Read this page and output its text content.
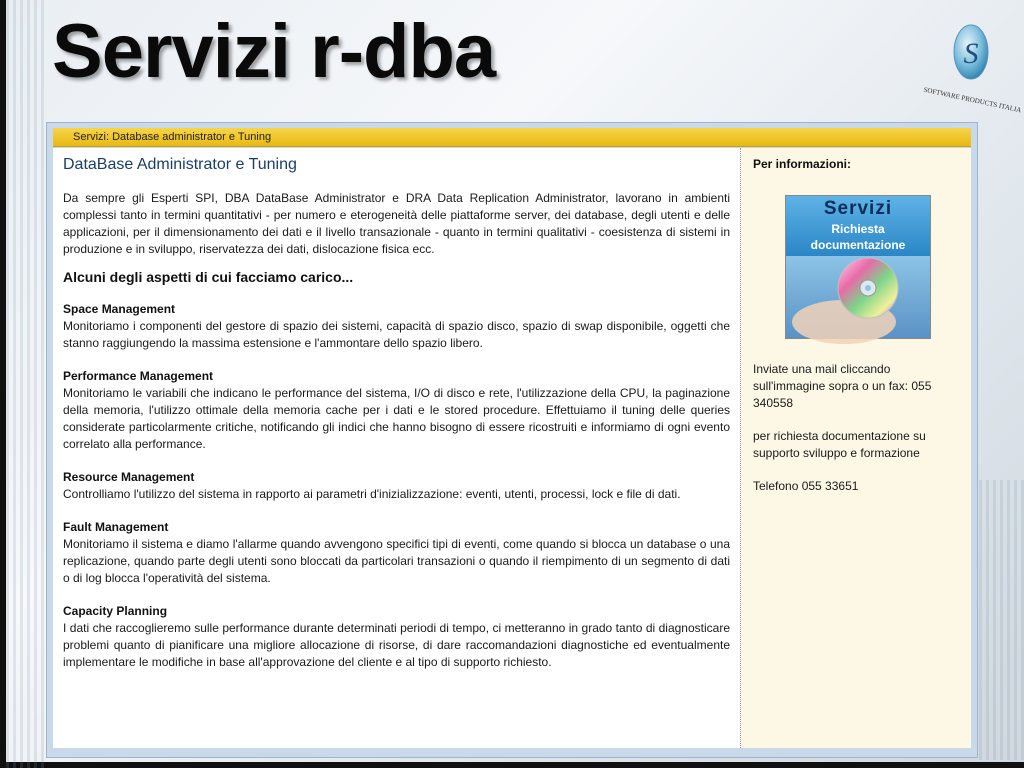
Servizi r-dba	S
SOFTWARE PRODUCTS ITALIA
Servizi: Database administrator e Tuning
DataBase Administrator e Tuning

Da sempre gli Esperti SPI, DBA DataBase Administrator e DRA Data Replication Administrator, lavorano in ambienti complessi tanto in termini quantitativi - per numero e eterogeneità delle piattaforme server, dei database, degli utenti e delle applicazioni, per il dimensionamento dei dati e il livello transazionale - quanto in termini qualitativi - coesistenza di sistemi in produzione e in sviluppo, riservatezza dei dati, dislocazione fisica ecc.

Alcuni degli aspetti di cui facciamo carico...

Space Management

Monitoriamo i componenti del gestore di spazio dei sistemi, capacità di spazio disco, spazio di swap disponibile, oggetti che stanno raggiungendo la massima estensione e l'ammontare dello spazio libero.

Performance Management

Monitoriamo le variabili che indicano le performance del sistema, I/O di disco e rete, l'utilizzazione della CPU, la paginazione della memoria, l'utilizzo ottimale della memoria cache per i dati e le stored procedure. Effettuiamo il tuning delle queries considerate particolarmente critiche, notificando gli indici che hanno bisogno di essere ricostruiti e informiamo di ogni evento correlato alla performance.

Resource Management

Controlliamo l'utilizzo del sistema in rapporto ai parametri d'inizializzazione: eventi, utenti, processi, lock e file di dati.

Fault Management

Monitoriamo il sistema e diamo l'allarme quando avvengono specifici tipi di eventi, come quando si blocca un database o una replicazione, quando parte degli utenti sono bloccati da particolari transazioni o quando il riempimento di un segmento di dati o di log blocca l'operatività del sistema.

Capacity Planning

I dati che raccoglieremo sulle performance durante determinati periodi di tempo, ci metteranno in grado tanto di diagnosticare problemi quanto di pianificare una migliore allocazione di risorse, di dare raccomandazioni diagnostiche ed eventualmente implementare le modifiche in base all'approvazione del cliente e al tipo di supporto richiesto.

Per informazioni:

Servizi
Richiesta
documentazione

Inviate una mail cliccando sull'immagine sopra o un fax: 055 340558

per richiesta documentazione su supporto sviluppo e formazione

Telefono 055 33651
